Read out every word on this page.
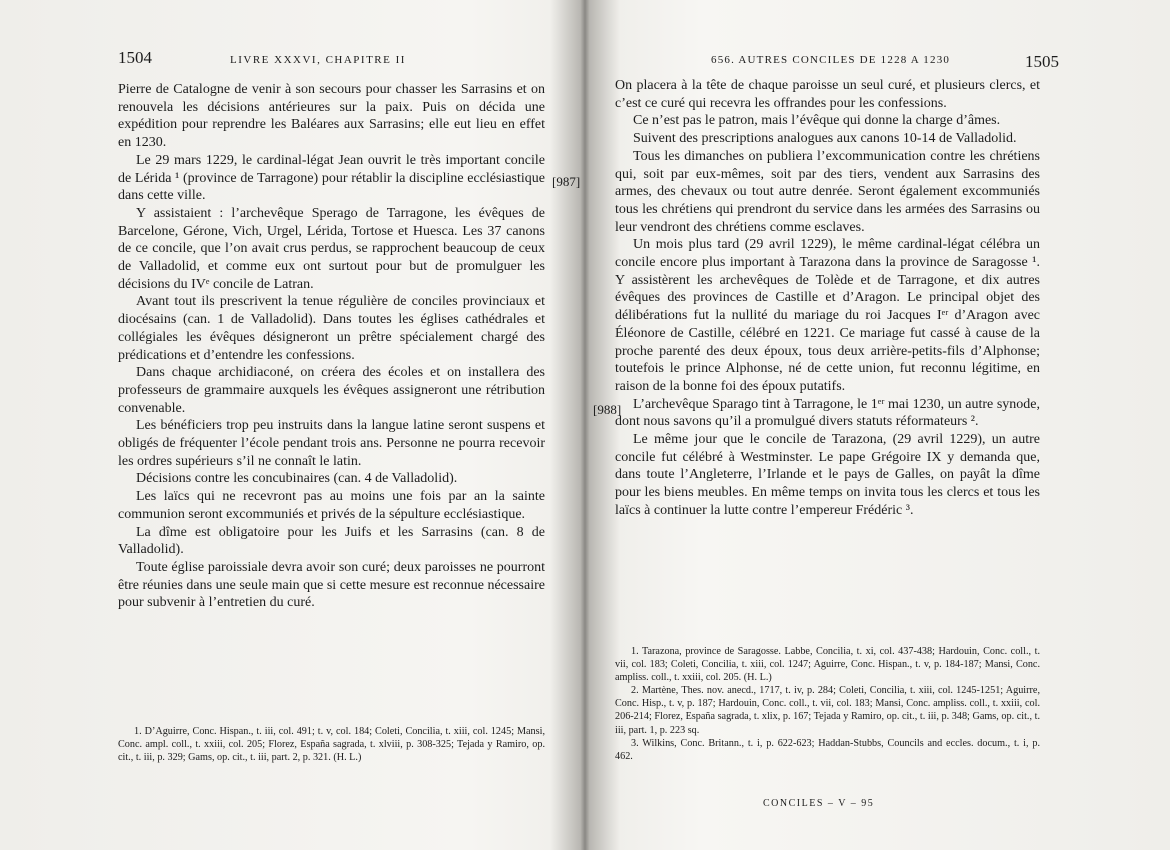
1504	LIVRE XXXVI, CHAPITRE II
[987]

Pierre de Catalogne de venir à son secours pour chasser les Sarrasins et on renouvela les décisions antérieures sur la paix. Puis on décida une expédition pour reprendre les Baléares aux Sarrasins; elle eut lieu en effet en 1230.

Le 29 mars 1229, le cardinal-légat Jean ouvrit le très important concile de Lérida ¹ (province de Tarragone) pour rétablir la discipline ecclésiastique dans cette ville.

Y assistaient : l’archevêque Sperago de Tarragone, les évêques de Barcelone, Gérone, Vich, Urgel, Lérida, Tortose et Huesca. Les 37 canons de ce concile, que l’on avait crus perdus, se rapprochent beaucoup de ceux de Valladolid, et comme eux ont surtout pour but de promulguer les décisions du IVᵉ concile de Latran.

Avant tout ils prescrivent la tenue régulière de conciles provinciaux et diocésains (can. 1 de Valladolid). Dans toutes les églises cathédrales et collégiales les évêques désigneront un prêtre spécialement chargé des prédications et d’entendre les confessions.

Dans chaque archidiaconé, on créera des écoles et on installera des professeurs de grammaire auxquels les évêques assigneront une rétribution convenable.

Les bénéficiers trop peu instruits dans la langue latine seront suspens et obligés de fréquenter l’école pendant trois ans. Personne ne pourra recevoir les ordres supérieurs s’il ne connaît le latin.

Décisions contre les concubinaires (can. 4 de Valladolid).

Les laïcs qui ne recevront pas au moins une fois par an la sainte communion seront excommuniés et privés de la sépulture ecclésiastique.

La dîme est obligatoire pour les Juifs et les Sarrasins (can. 8 de Valladolid).

Toute église paroissiale devra avoir son curé; deux paroisses ne pourront être réunies dans une seule main que si cette mesure est reconnue nécessaire pour subvenir à l’entretien du curé.

1. D’Aguirre, Conc. Hispan., t. iii, col. 491; t. v, col. 184; Coleti, Concilia, t. xiii, col. 1245; Mansi, Conc. ampl. coll., t. xxiii, col. 205; Florez, España sagrada, t. xlviii, p. 308-325; Tejada y Ramiro, op. cit., t. iii, p. 329; Gams, op. cit., t. iii, part. 2, p. 321. (H. L.)

656. AUTRES CONCILES DE 1228 A 1230	1505
[988]

On placera à la tête de chaque paroisse un seul curé, et plusieurs clercs, et c’est ce curé qui recevra les offrandes pour les confessions.

Ce n’est pas le patron, mais l’évêque qui donne la charge d’âmes.

Suivent des prescriptions analogues aux canons 10-14 de Valladolid.

Tous les dimanches on publiera l’excommunication contre les chrétiens qui, soit par eux-mêmes, soit par des tiers, vendent aux Sarrasins des armes, des chevaux ou tout autre denrée. Seront également excommuniés tous les chrétiens qui prendront du service dans les armées des Sarrasins ou leur vendront des chrétiens comme esclaves.

Un mois plus tard (29 avril 1229), le même cardinal-légat célébra un concile encore plus important à Tarazona dans la province de Saragosse ¹. Y assistèrent les archevêques de Tolède et de Tarragone, et dix autres évêques des provinces de Castille et d’Aragon. Le principal objet des délibérations fut la nullité du mariage du roi Jacques Iᵉʳ d’Aragon avec Éléonore de Castille, célébré en 1221. Ce mariage fut cassé à cause de la proche parenté des deux époux, tous deux arrière-petits-fils d’Alphonse; toutefois le prince Alphonse, né de cette union, fut reconnu légitime, en raison de la bonne foi des époux putatifs.

L’archevêque Sparago tint à Tarragone, le 1ᵉʳ mai 1230, un autre synode, dont nous savons qu’il a promulgué divers statuts réformateurs ².

Le même jour que le concile de Tarazona, (29 avril 1229), un autre concile fut célébré à Westminster. Le pape Grégoire IX y demanda que, dans toute l’Angleterre, l’Irlande et le pays de Galles, on payât la dîme pour les biens meubles. En même temps on invita tous les clercs et tous les laïcs à continuer la lutte contre l’empereur Frédéric ³.

1. Tarazona, province de Saragosse. Labbe, Concilia, t. xi, col. 437-438; Hardouin, Conc. coll., t. vii, col. 183; Coleti, Concilia, t. xiii, col. 1247; Aguirre, Conc. Hispan., t. v, p. 184-187; Mansi, Conc. ampliss. coll., t. xxiii, col. 205. (H. L.)

2. Martène, Thes. nov. anecd., 1717, t. iv, p. 284; Coleti, Concilia, t. xiii, col. 1245-1251; Aguirre, Conc. Hisp., t. v, p. 187; Hardouin, Conc. coll., t. vii, col. 183; Mansi, Conc. ampliss. coll., t. xxiii, col. 206-214; Florez, España sagrada, t. xlix, p. 167; Tejada y Ramiro, op. cit., t. iii, p. 348; Gams, op. cit., t. iii, part. 1, p. 223 sq.

3. Wilkins, Conc. Britann., t. i, p. 622-623; Haddan-Stubbs, Councils and eccles. docum., t. i, p. 462.

CONCILES – V – 95
